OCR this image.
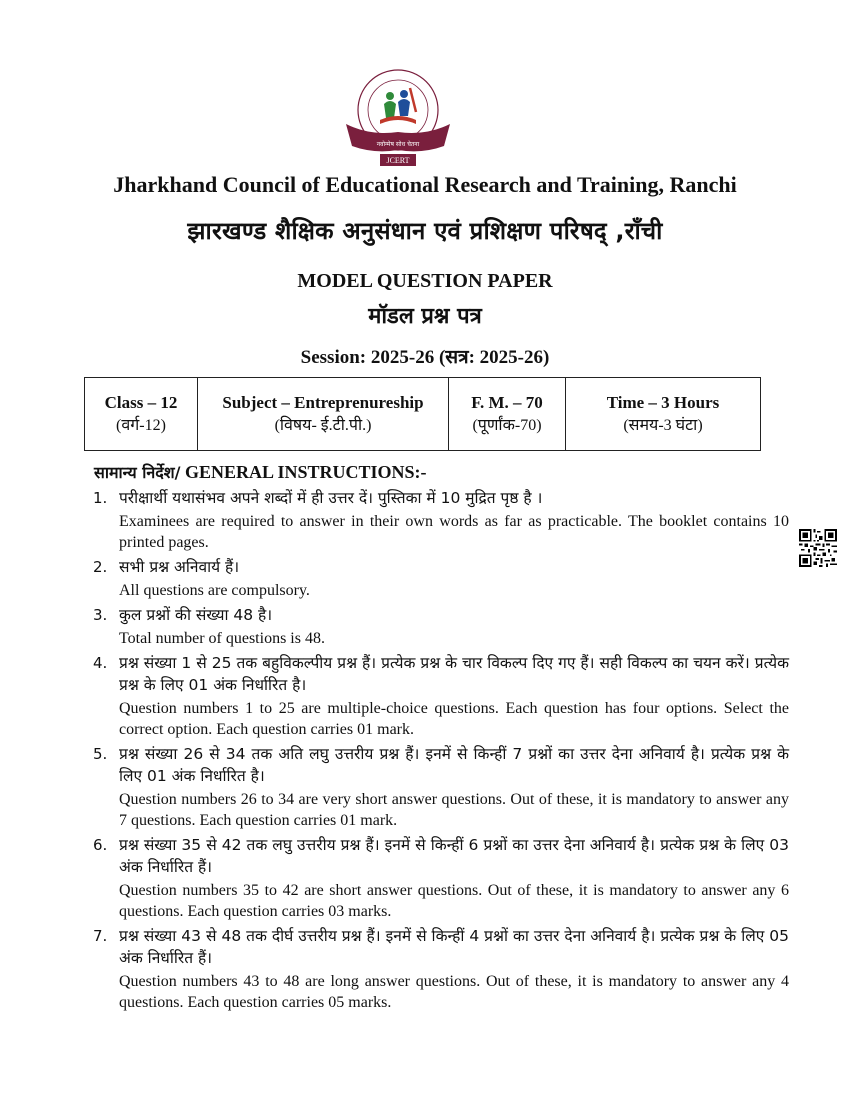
नवोन्मेष सोध चेतना
JCERT
Jharkhand Council of Educational Research and Training, Ranchi
झारखण्ड शैक्षिक अनुसंधान एवं प्रशिक्षण परिषद् ,राँची
MODEL QUESTION PAPER
मॉडल प्रश्न पत्र
Session: 2025-26 (सत्र: 2025-26)
Class – 12
(वर्ग-12)

Subject – Entreprenureship
(विषय- ई.टी.पी.)

F. M. – 70
(पूर्णांक-70)

Time – 3 Hours
(समय-3 घंटा)
सामान्य निर्देश/ GENERAL INSTRUCTIONS:-
1. परीक्षार्थी यथासंभव अपने शब्दों में ही उत्तर दें। पुस्तिका में 10 मुद्रित पृष्ठ है ।
Examinees are required to answer in their own words as far as practicable. The booklet contains 10 printed pages.
2. सभी प्रश्न अनिवार्य हैं।
All questions are compulsory.
3. कुल प्रश्नों की संख्या 48 है।
Total number of questions is 48.
4. प्रश्न संख्या 1 से 25 तक बहुविकल्पीय प्रश्न हैं। प्रत्येक प्रश्न के चार विकल्प दिए गए हैं। सही विकल्प का चयन करें। प्रत्येक प्रश्न के लिए 01 अंक निर्धारित है।
Question numbers 1 to 25 are multiple-choice questions. Each question has four options. Select the correct option. Each question carries 01 mark.
5. प्रश्न संख्या 26 से 34 तक अति लघु उत्तरीय प्रश्न हैं। इनमें से किन्हीं 7 प्रश्नों का उत्तर देना अनिवार्य है। प्रत्येक प्रश्न के लिए 01 अंक निर्धारित है।
Question numbers 26 to 34 are very short answer questions. Out of these, it is mandatory to answer any 7 questions. Each question carries 01 mark.
6. प्रश्न संख्या 35 से 42 तक लघु उत्तरीय प्रश्न हैं। इनमें से किन्हीं 6 प्रश्नों का उत्तर देना अनिवार्य है। प्रत्येक प्रश्न के लिए 03 अंक निर्धारित हैं।
Question numbers 35 to 42 are short answer questions. Out of these, it is mandatory to answer any 6 questions. Each question carries 03 marks.
7. प्रश्न संख्या 43 से 48 तक दीर्घ उत्तरीय प्रश्न हैं। इनमें से किन्हीं 4 प्रश्नों का उत्तर देना अनिवार्य है। प्रत्येक प्रश्न के लिए 05 अंक निर्धारित हैं।
Question numbers 43 to 48 are long answer questions. Out of these, it is mandatory to answer any 4 questions. Each question carries 05 marks.
